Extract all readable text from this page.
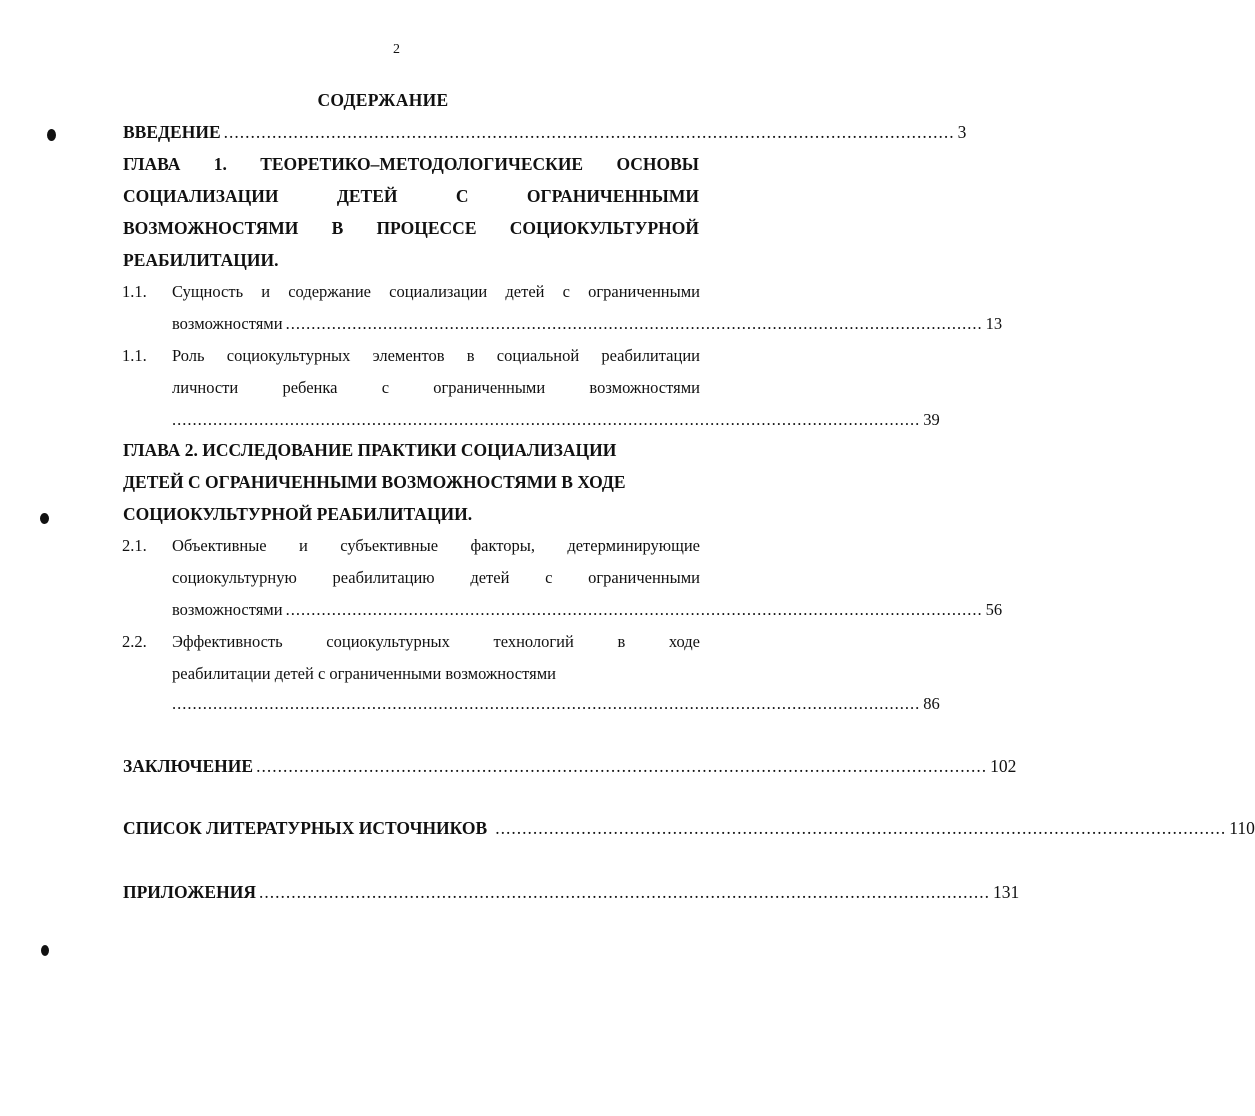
2
СОДЕРЖАНИЕ
ВВЕДЕНИЕ ........................................................................................................................................ 3
ГЛАВА 1. ТЕОРЕТИКО–МЕТОДОЛОГИЧЕСКИЕ ОСНОВЫ
СОЦИАЛИЗАЦИИ ДЕТЕЙ С ОГРАНИЧЕННЫМИ
ВОЗМОЖНОСТЯМИ В ПРОЦЕССЕ СОЦИОКУЛЬТУРНОЙ
РЕАБИЛИТАЦИИ.
1.1. Сущность и содержание социализации детей с ограниченными
возможностями ........................................................................................................................................ 13
1.1. Роль социокультурных элементов в социальной реабилитации
личности ребенка с ограниченными возможностями
.................................................................................................................................................. 39
ГЛАВА 2. ИССЛЕДОВАНИЕ ПРАКТИКИ СОЦИАЛИЗАЦИИ
ДЕТЕЙ С ОГРАНИЧЕННЫМИ ВОЗМОЖНОСТЯМИ В ХОДЕ
СОЦИОКУЛЬТУРНОЙ РЕАБИЛИТАЦИИ.
2.1. Объективные и субъективные факторы, детерминирующие
социокультурную реабилитацию детей с ограниченными
возможностями ........................................................................................................................................ 56
2.2. Эффективность социокультурных технологий в ходе
реабилитации детей с ограниченными возможностями
.................................................................................................................................................. 86
ЗАКЛЮЧЕНИЕ ........................................................................................................................................ 102
СПИСОК ЛИТЕРАТУРНЫХ ИСТОЧНИКОВ ........................................................................................................................................ 110
ПРИЛОЖЕНИЯ ........................................................................................................................................ 131
